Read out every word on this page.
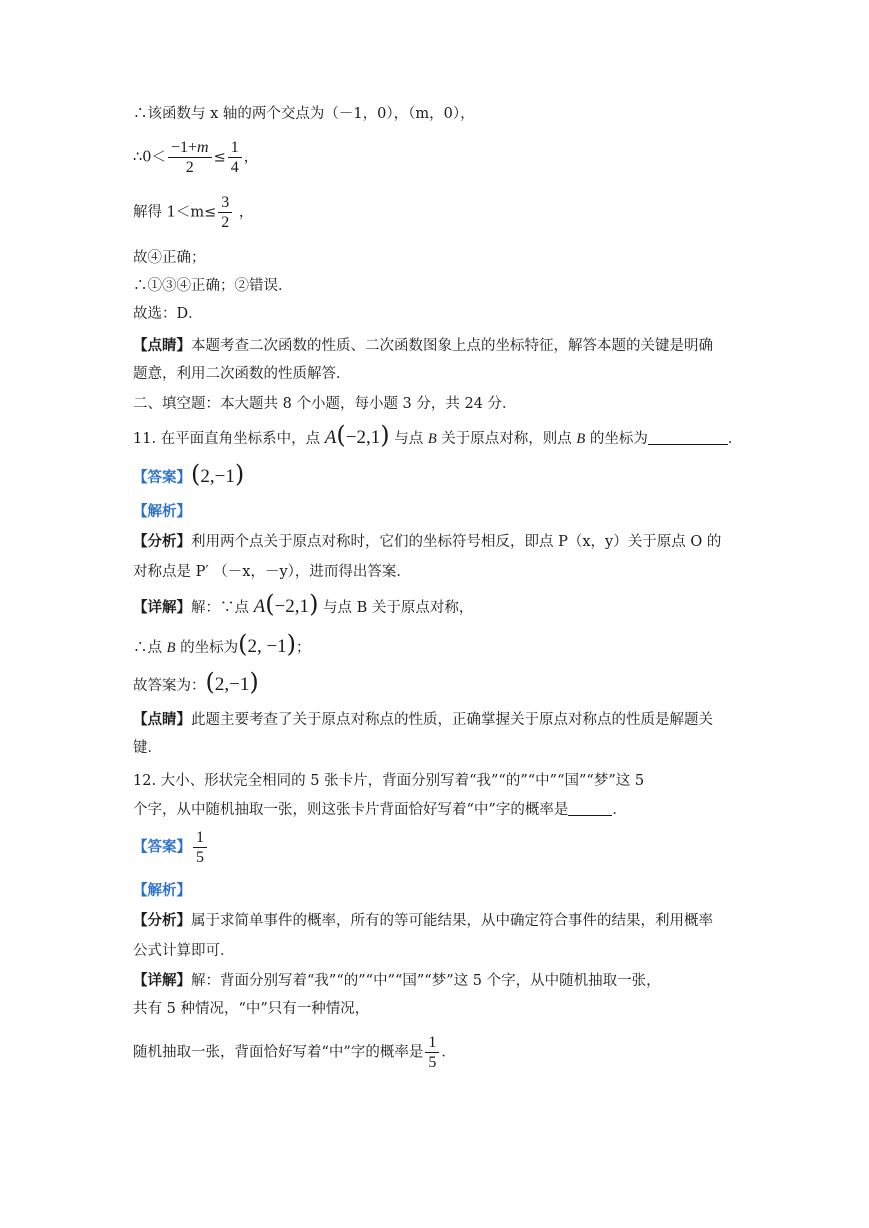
∴该函数与 x 轴的两个交点为（－1，0），（m，0），
∴0＜ $\frac{-1+m}{2} \le \frac{1}{4}$ ，
解得 $1<m\le \frac{3}{2}$ ，
故④正确；
∴①③④正确；②错误．
故选：D．
【点睛】本题考查二次函数的性质、二次函数图象上点的坐标特征，解答本题的关键是明确
题意，利用二次函数的性质解答．
二、填空题：本大题共 8 个小题，每小题 3 分，共 24 分．
11. 在平面直角坐标系中，点 A(−2,1) 与点 B 关于原点对称，则点 B 的坐标为	．
【答案】(2,−1)
【解析】
【分析】利用两个点关于原点对称时，它们的坐标符号相反，即点 P（x，y）关于原点 O 的
对称点是 P′ （－x，－y），进而得出答案．
【详解】解：∵点 A(−2,1) 与点 B 关于原点对称，
∴点 B 的坐标为(2, −1)；
故答案为：(2,−1)
【点睛】此题主要考查了关于原点对称点的性质，正确掌握关于原点对称点的性质是解题关
键．
12. 大小、形状完全相同的 5 张卡片，背面分别写着“我”“的”“中”“国”“梦”这 5
个字，从中随机抽取一张，则这张卡片背面恰好写着“中”字的概率是	．
【答案】 $\frac{1}{5}$
【解析】
【分析】属于求简单事件的概率，所有的等可能结果，从中确定符合事件的结果，利用概率
公式计算即可．
【详解】解：背面分别写着“我”“的”“中”“国”“梦”这 5 个字，从中随机抽取一张，
共有 5 种情况，“中”只有一种情况，
随机抽取一张，背面恰好写着“中”字的概率是 $\frac{1}{5}$ ．
